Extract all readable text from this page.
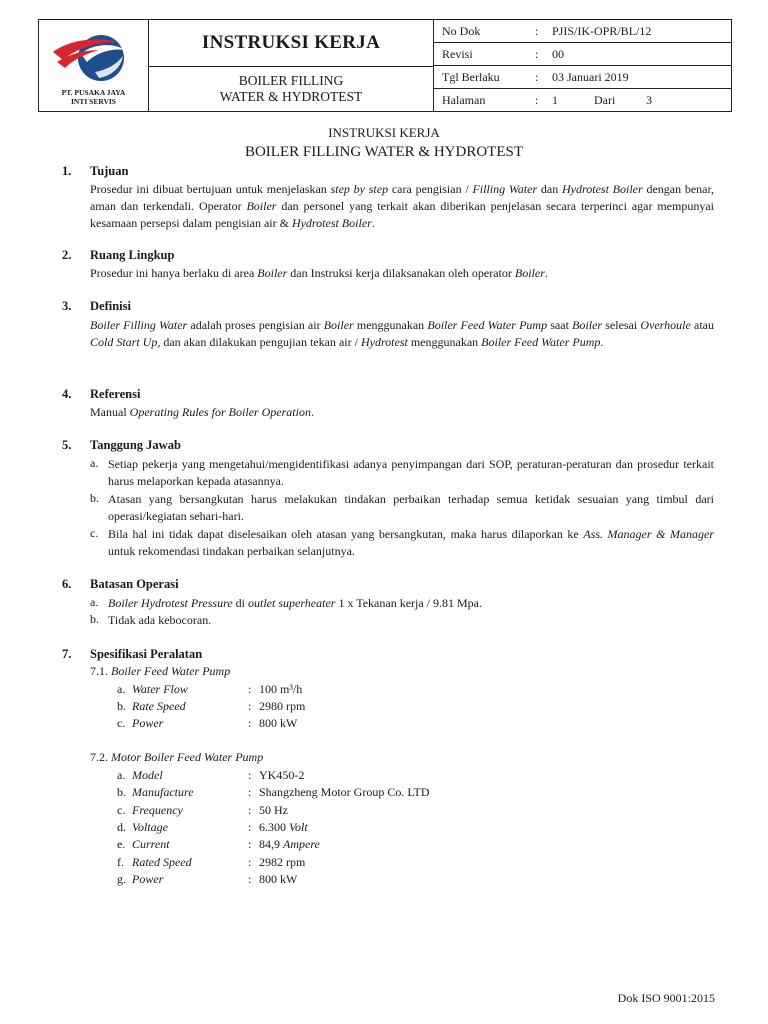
PT. PUSAKA JAYA
INTI SERVIS
INSTRUKSI KERJA
BOILER FILLING
WATER & HYDROTEST
No Dok	: PJIS/IK-OPR/BL/12
Revisi	: 00
Tgl Berlaku	: 03 Januari 2019
Halaman	: 1	Dari	3
INSTRUKSI KERJA
BOILER FILLING WATER & HYDROTEST
1. Tujuan
Prosedur ini dibuat bertujuan untuk menjelaskan step by step cara pengisian / Filling Water dan Hydrotest Boiler dengan benar, aman dan terkendali. Operator Boiler dan personel yang terkait akan diberikan penjelasan secara terperinci agar mempunyai kesamaan persepsi dalam pengisian air & Hydrotest Boiler.
2. Ruang Lingkup
Prosedur ini hanya berlaku di area Boiler dan Instruksi kerja dilaksanakan oleh operator Boiler.
3. Definisi
Boiler Filling Water adalah proses pengisian air Boiler menggunakan Boiler Feed Water Pump saat Boiler selesai Overhoule atau Cold Start Up, dan akan dilakukan pengujian tekan air / Hydrotest menggunakan Boiler Feed Water Pump.
4. Referensi
Manual Operating Rules for Boiler Operation.
5. Tanggung Jawab
a. Setiap pekerja yang mengetahui/mengidentifikasi adanya penyimpangan dari SOP, peraturan-peraturan dan prosedur terkait harus melaporkan kepada atasannya.
b. Atasan yang bersangkutan harus melakukan tindakan perbaikan terhadap semua ketidak sesuaian yang timbul dari operasi/kegiatan sehari-hari.
c. Bila hal ini tidak dapat diselesaikan oleh atasan yang bersangkutan, maka harus dilaporkan ke Ass. Manager & Manager untuk rekomendasi tindakan perbaikan selanjutnya.
6. Batasan Operasi
a. Boiler Hydrotest Pressure di outlet superheater 1 x Tekanan kerja / 9.81 Mpa.
b. Tidak ada kebocoran.
7. Spesifikasi Peralatan
7.1. Boiler Feed Water Pump
a. Water Flow	: 100 m³/h
b. Rate Speed	: 2980 rpm
c. Power	: 800 kW
7.2. Motor Boiler Feed Water Pump
a. Model	: YK450-2
b. Manufacture	: Shangzheng Motor Group Co. LTD
c. Frequency	: 50 Hz
d. Voltage	: 6.300 Volt
e. Current	: 84,9 Ampere
f. Rated Speed	: 2982 rpm
g. Power	: 800 kW
Dok ISO 9001:2015
